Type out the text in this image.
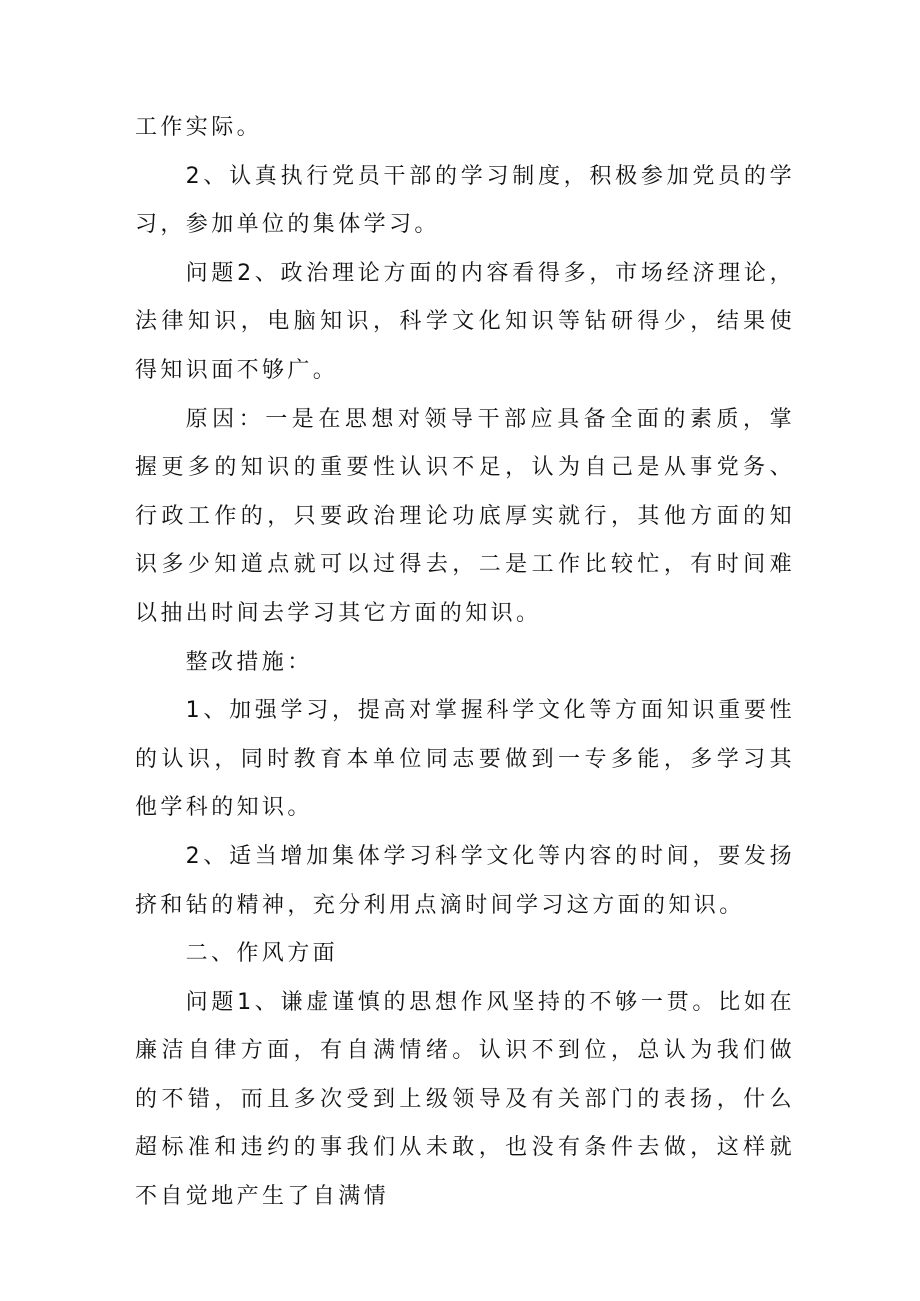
工作实际。

2、认真执行党员干部的学习制度，积极参加党员的学习，参加单位的集体学习。

问题2、政治理论方面的内容看得多，市场经济理论，法律知识，电脑知识，科学文化知识等钻研得少，结果使得知识面不够广。

原因：一是在思想对领导干部应具备全面的素质，掌握更多的知识的重要性认识不足，认为自己是从事党务、行政工作的，只要政治理论功底厚实就行，其他方面的知识多少知道点就可以过得去，二是工作比较忙，有时间难以抽出时间去学习其它方面的知识。

整改措施：

1、加强学习，提高对掌握科学文化等方面知识重要性的认识，同时教育本单位同志要做到一专多能，多学习其他学科的知识。

2、适当增加集体学习科学文化等内容的时间，要发扬挤和钻的精神，充分利用点滴时间学习这方面的知识。

二、作风方面

问题1、谦虚谨慎的思想作风坚持的不够一贯。比如在廉洁自律方面，有自满情绪。认识不到位，总认为我们做的不错，而且多次受到上级领导及有关部门的表扬，什么超标准和违约的事我们从未敢，也没有条件去做，这样就不自觉地产生了自满情
